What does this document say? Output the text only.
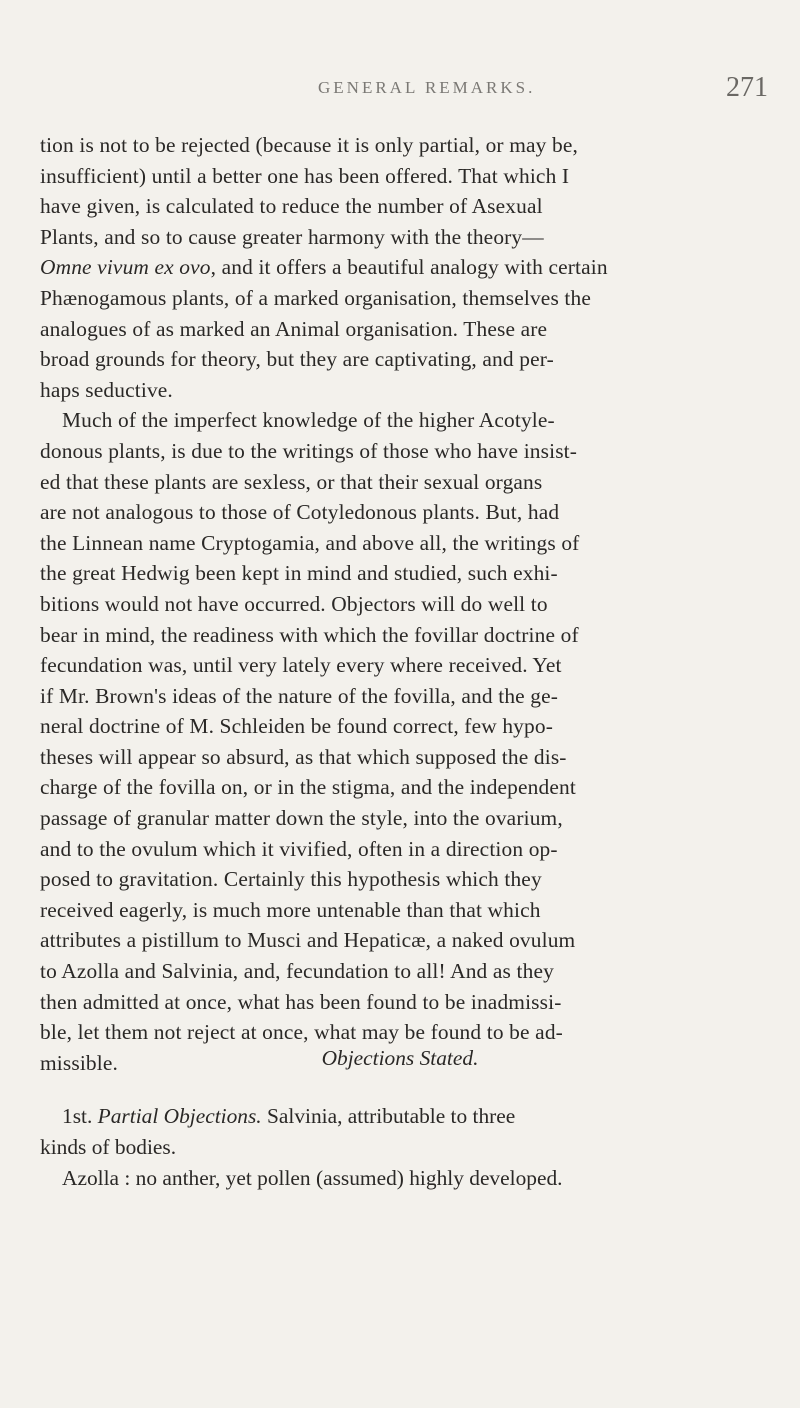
GENERAL REMARKS.	271
tion is not to be rejected (because it is only partial, or may be,
insufficient) until a better one has been offered. That which I
have given, is calculated to reduce the number of Asexual
Plants, and so to cause greater harmony with the theory—
Omne vivum ex ovo, and it offers a beautiful analogy with certain
Phænogamous plants, of a marked organisation, themselves the
analogues of as marked an Animal organisation. These are
broad grounds for theory, but they are captivating, and per-
haps seductive.
Much of the imperfect knowledge of the higher Acotyle-
donous plants, is due to the writings of those who have insist-
ed that these plants are sexless, or that their sexual organs
are not analogous to those of Cotyledonous plants. But, had
the Linnean name Cryptogamia, and above all, the writings of
the great Hedwig been kept in mind and studied, such exhi-
bitions would not have occurred. Objectors will do well to
bear in mind, the readiness with which the fovillar doctrine of
fecundation was, until very lately every where received. Yet
if Mr. Brown's ideas of the nature of the fovilla, and the ge-
neral doctrine of M. Schleiden be found correct, few hypo-
theses will appear so absurd, as that which supposed the dis-
charge of the fovilla on, or in the stigma, and the independent
passage of granular matter down the style, into the ovarium,
and to the ovulum which it vivified, often in a direction op-
posed to gravitation. Certainly this hypothesis which they
received eagerly, is much more untenable than that which
attributes a pistillum to Musci and Hepaticæ, a naked ovulum
to Azolla and Salvinia, and, fecundation to all! And as they
then admitted at once, what has been found to be inadmissi-
ble, let them not reject at once, what may be found to be ad-
missible.	Objections Stated.
1st. Partial Objections. Salvinia, attributable to three
kinds of bodies.
Azolla : no anther, yet pollen (assumed) highly developed.
